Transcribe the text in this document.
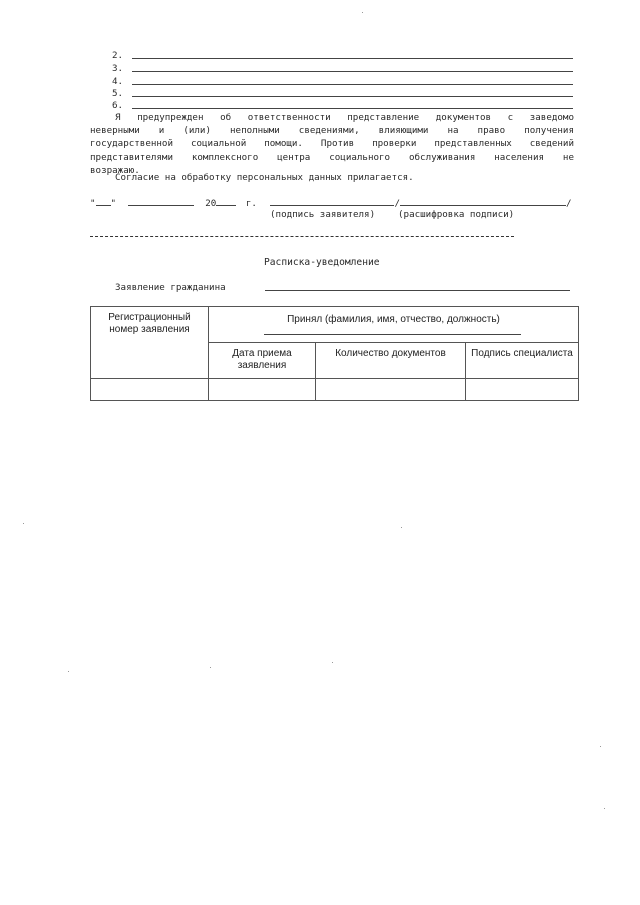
2.
3.
4.
5.
6.
Я предупрежден об ответственности представление документов с заведомо
неверными и (или) неполными сведениями, влияющими на право получения
государственной социальной помощи. Против проверки представленных сведений
представителями комплексного центра социального обслуживания населения не
возражаю.
Согласие на обработку персональных данных прилагается.
" "	20	г.	/	/
(подпись заявителя) (расшифровка подписи)
Расписка-уведомление
Заявление гражданина
Регистрационный номер заявления	Принял (фамилия, имя, отчество, должность)		

	Дата приема заявления	Количество документов	Подпись специалиста
